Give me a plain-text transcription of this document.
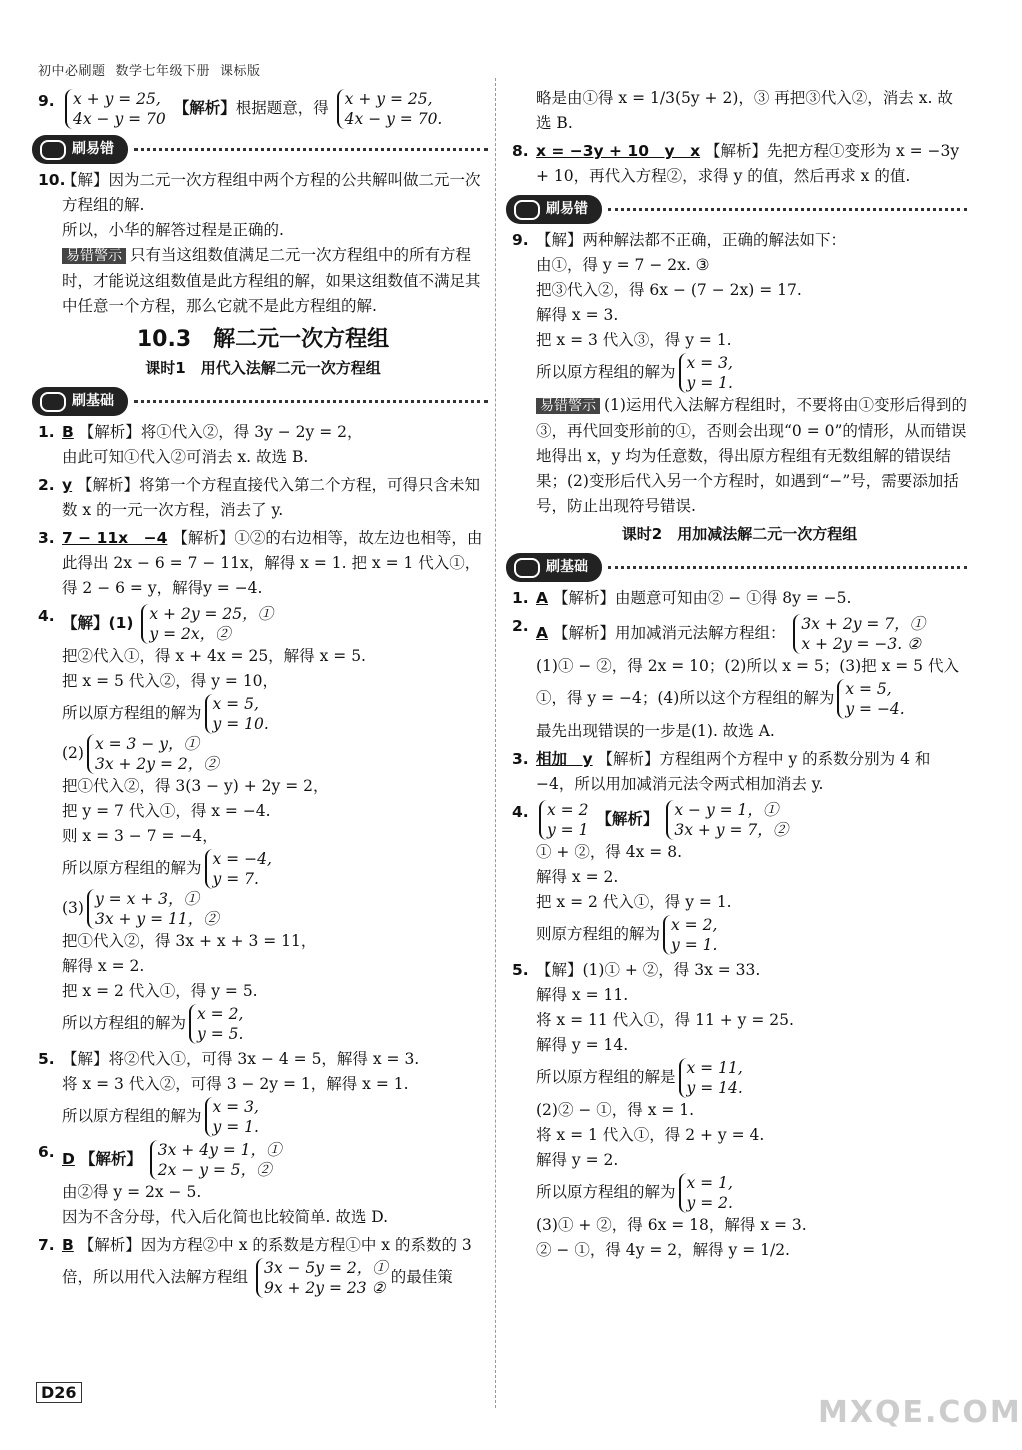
初中必刷题 数学七年级下册 课标版
9. x + y = 25,
4x − y = 70
【解析】根据题意，得 x + y = 25,
4x − y = 70.
刷易错
10.
【解】因为二元一次方程组中两个方程的公共解叫做二元一次方程组的解.
所以，小华的解答过程是正确的.
易错警示 只有当这组数值满足二元一次方程组中的所有方程时，才能说这组数值是此方程组的解，如果这组数值不满足其中任意一个方程，那么它就不是此方程组的解.
10.3　解二元一次方程组
课时1　用代入法解二元一次方程组
刷基础
1. B 【解析】将①代入②，得 3y − 2y = 2，
由此可知①代入②可消去 x. 故选 B.
2. y 【解析】将第一个方程直接代入第二个方程，可得只含未知数 x 的一元一次方程，消去了 y.
3. 7 − 11x　−4 【解析】①②的右边相等，故左边也相等，由此得出 2x − 6 = 7 − 11x，解得 x = 1. 把 x = 1 代入①，得 2 − 6 = y，解得y = −4.
4. 【解】(1) x + 2y = 25，①
y = 2x，②
把②代入①，得 x + 4x = 25，解得 x = 5.
把 x = 5 代入②，得 y = 10，
所以原方程组的解为 x = 5,
y = 10.
(2) x = 3 − y，①
3x + 2y = 2，②
把①代入②，得 3(3 − y) + 2y = 2，
把 y = 7 代入①，得 x = −4.
则 x = 3 − 7 = −4，
所以原方程组的解为 x = −4,
y = 7.
(3) y = x + 3，①
3x + y = 11，②
把①代入②，得 3x + x + 3 = 11，
解得 x = 2.
把 x = 2 代入①，得 y = 5.
所以方程组的解为 x = 2,
y = 5.
5. 【解】将②代入①，可得 3x − 4 = 5，解得 x = 3.
将 x = 3 代入②，可得 3 − 2y = 1，解得 x = 1.
所以原方程组的解为 x = 3,
y = 1.
6. D 【解析】 3x + 4y = 1，①
2x − y = 5，②
由②得 y = 2x − 5.
因为不含分母，代入后化简也比较简单. 故选 D.
7. B 【解析】因为方程②中 x 的系数是方程①中 x 的系数的 3 倍，所以用代入法解方程组 3x − 5y = 2，①
9x + 2y = 23 ②
的最佳策
略是由①得 x = 1/3(5y + 2)，③ 再把③代入②，消去 x. 故选 B.
8. x = −3y + 10　y　x 【解析】先把方程①变形为 x = −3y + 10，再代入方程②，求得 y 的值，然后再求 x 的值.
刷易错
9. 【解】两种解法都不正确，正确的解法如下：
由①，得 y = 7 − 2x. ③
把③代入②，得 6x − (7 − 2x) = 17.
解得 x = 3.
把 x = 3 代入③，得 y = 1.
所以原方程组的解为 x = 3,
y = 1.
易错警示 (1)运用代入法解方程组时，不要将由①变形后得到的③，再代回变形前的①，否则会出现“0 = 0”的情形，从而错误地得出 x，y 均为任意数，得出原方程组有无数组解的错误结果；(2)变形后代入另一个方程时，如遇到“−”号，需要添加括号，防止出现符号错误.
课时2　用加减法解二元一次方程组
刷基础
1. A 【解析】由题意可知由② − ①得 8y = −5.
2. A 【解析】用加减消元法解方程组： 3x + 2y = 7，①
x + 2y = −3. ②
(1)① − ②，得 2x = 10；(2)所以 x = 5；(3)把 x = 5 代入①，得 y = −4；(4)所以这个方程组的解为 x = 5,
y = −4.
最先出现错误的一步是(1). 故选 A.
3. 相加　y 【解析】方程组两个方程中 y 的系数分别为 4 和 −4，所以用加减消元法令两式相加消去 y.
4. x = 2
y = 1
【解析】 x − y = 1，①
3x + y = 7，②
① + ②，得 4x = 8.
解得 x = 2.
把 x = 2 代入①，得 y = 1.
则原方程组的解为 x = 2,
y = 1.
5. 【解】(1)① + ②，得 3x = 33.
解得 x = 11.
将 x = 11 代入①，得 11 + y = 25.
解得 y = 14.
所以原方程组的解是 x = 11,
y = 14.
(2)② − ①，得 x = 1.
将 x = 1 代入①，得 2 + y = 4.
解得 y = 2.
所以原方程组的解为 x = 1,
y = 2.
(3)① + ②，得 6x = 18，解得 x = 3.
② − ①，得 4y = 2，解得 y = 1/2.
D26
MXQE.COM
